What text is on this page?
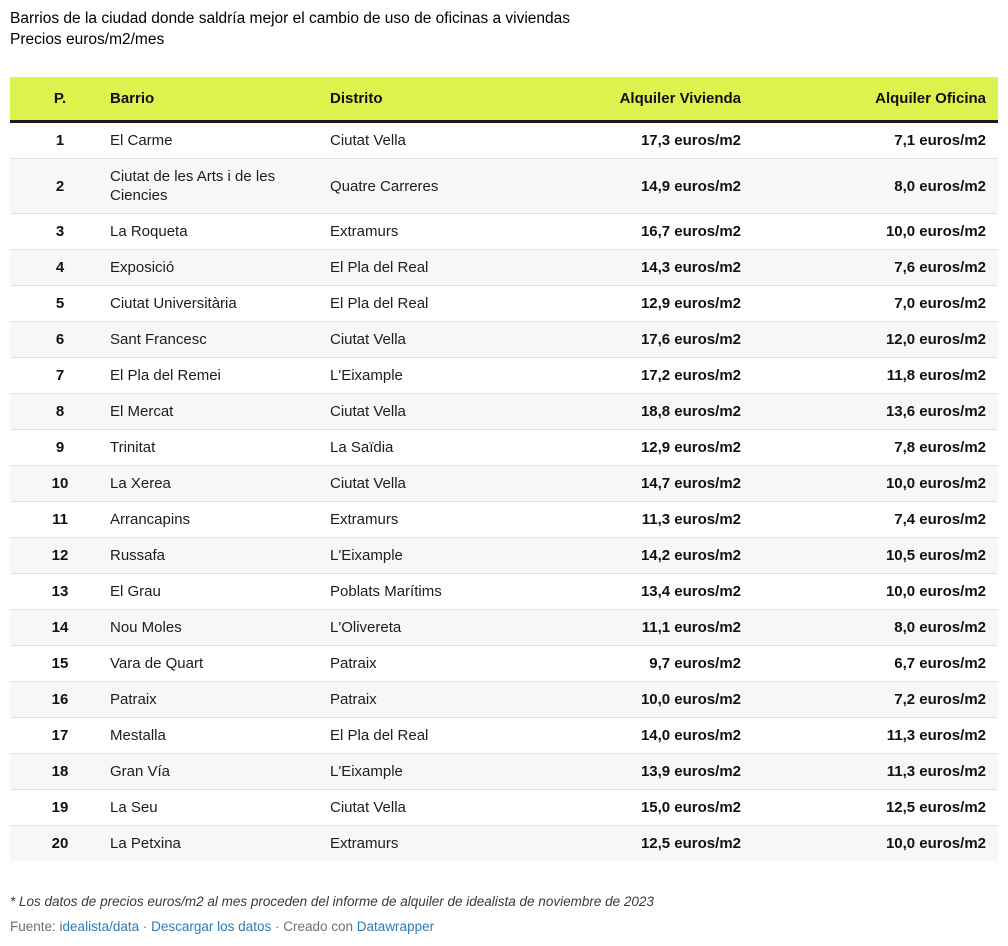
Barrios de la ciudad donde saldría mejor el cambio de uso de oficinas a viviendas
Precios euros/m2/mes
P.	Barrio	Distrito	Alquiler Vivienda	Alquiler Oficina
1	El Carme	Ciutat Vella	17,3 euros/m2	7,1 euros/m2
2	Ciutat de les Arts i de les Ciencies	Quatre Carreres	14,9 euros/m2	8,0 euros/m2
3	La Roqueta	Extramurs	16,7 euros/m2	10,0 euros/m2
4	Exposició	El Pla del Real	14,3 euros/m2	7,6 euros/m2
5	Ciutat Universitària	El Pla del Real	12,9 euros/m2	7,0 euros/m2
6	Sant Francesc	Ciutat Vella	17,6 euros/m2	12,0 euros/m2
7	El Pla del Remei	L'Eixample	17,2 euros/m2	11,8 euros/m2
8	El Mercat	Ciutat Vella	18,8 euros/m2	13,6 euros/m2
9	Trinitat	La Saïdia	12,9 euros/m2	7,8 euros/m2
10	La Xerea	Ciutat Vella	14,7 euros/m2	10,0 euros/m2
11	Arrancapins	Extramurs	11,3 euros/m2	7,4 euros/m2
12	Russafa	L'Eixample	14,2 euros/m2	10,5 euros/m2
13	El Grau	Poblats Marítims	13,4 euros/m2	10,0 euros/m2
14	Nou Moles	L'Olivereta	11,1 euros/m2	8,0 euros/m2
15	Vara de Quart	Patraix	9,7 euros/m2	6,7 euros/m2
16	Patraix	Patraix	10,0 euros/m2	7,2 euros/m2
17	Mestalla	El Pla del Real	14,0 euros/m2	11,3 euros/m2
18	Gran Vía	L'Eixample	13,9 euros/m2	11,3 euros/m2
19	La Seu	Ciutat Vella	15,0 euros/m2	12,5 euros/m2
20	La Petxina	Extramurs	12,5 euros/m2	10,0 euros/m2
* Los datos de precios euros/m2 al mes proceden del informe de alquiler de idealista de noviembre de 2023
Fuente: idealista/data · Descargar los datos · Creado con Datawrapper
